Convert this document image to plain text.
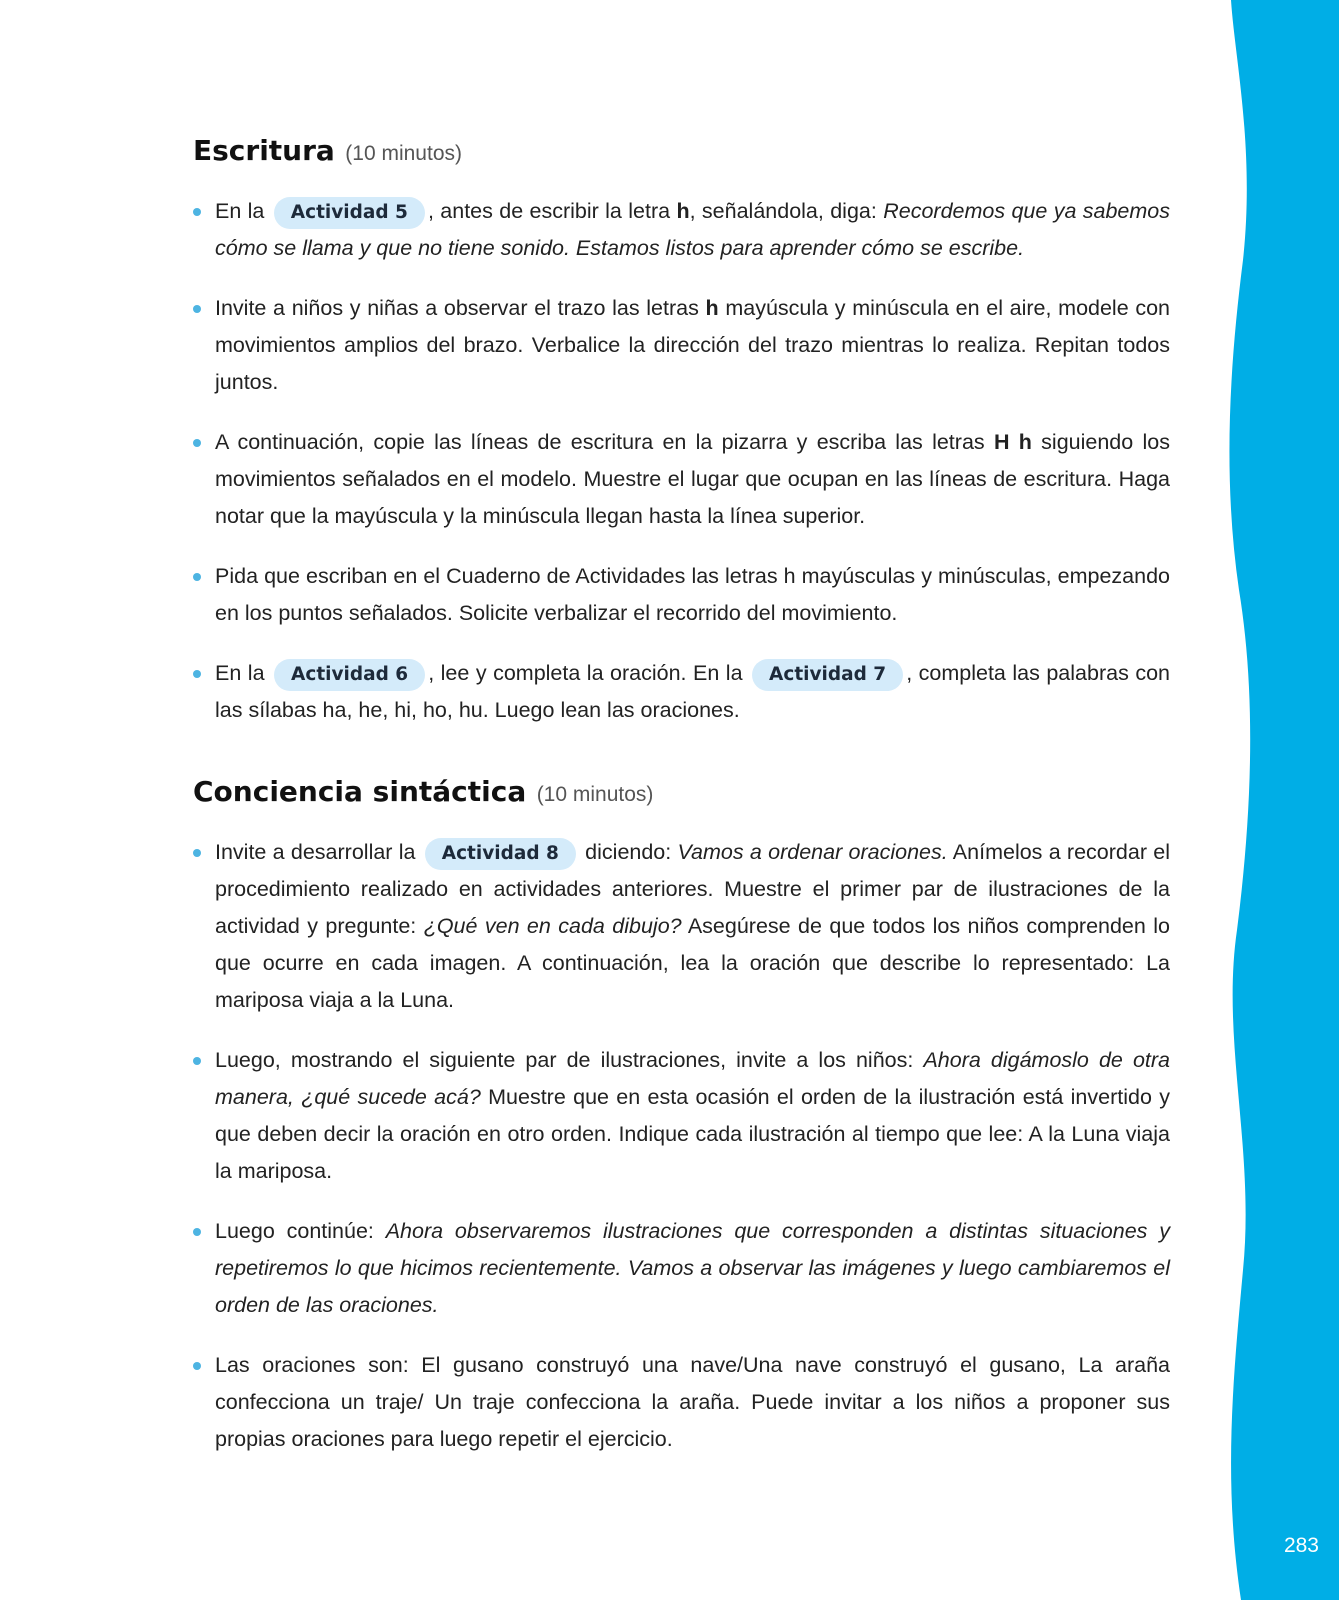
283
Escritura (10 minutos)
En la Actividad 5 , antes de escribir la letra h, señalándola, diga: Recordemos que ya sabemos cómo se llama y que no tiene sonido. Estamos listos para aprender cómo se escribe.
Invite a niños y niñas a observar el trazo las letras h mayúscula y minúscula en el aire, modele con movimientos amplios del brazo. Verbalice la dirección del trazo mientras lo realiza. Repitan todos juntos.
A continuación, copie las líneas de escritura en la pizarra y escriba las letras H h siguiendo los movimientos señalados en el modelo. Muestre el lugar que ocupan en las líneas de escritura. Haga notar que la mayúscula y la minúscula llegan hasta la línea superior.
Pida que escriban en el Cuaderno de Actividades las letras h mayúsculas y minúsculas, empezando en los puntos señalados. Solicite verbalizar el recorrido del movimiento.
En la Actividad 6 , lee y completa la oración. En la Actividad 7 , completa las palabras con las sílabas ha, he, hi, ho, hu. Luego lean las oraciones.
Conciencia sintáctica (10 minutos)
Invite a desarrollar la Actividad 8 diciendo: Vamos a ordenar oraciones. Anímelos a recordar el procedimiento realizado en actividades anteriores. Muestre el primer par de ilustraciones de la actividad y pregunte: ¿Qué ven en cada dibujo? Asegúrese de que todos los niños comprenden lo que ocurre en cada imagen. A continuación, lea la oración que describe lo representado: La mariposa viaja a la Luna.
Luego, mostrando el siguiente par de ilustraciones, invite a los niños: Ahora digámoslo de otra manera, ¿qué sucede acá? Muestre que en esta ocasión el orden de la ilustración está invertido y que deben decir la oración en otro orden. Indique cada ilustración al tiempo que lee: A la Luna viaja la mariposa.
Luego continúe: Ahora observaremos ilustraciones que corresponden a distintas situaciones y repetiremos lo que hicimos recientemente. Vamos a observar las imágenes y luego cambiaremos el orden de las oraciones.
Las oraciones son: El gusano construyó una nave/Una nave construyó el gusano, La araña confecciona un traje/ Un traje confecciona la araña. Puede invitar a los niños a proponer sus propias oraciones para luego repetir el ejercicio.
